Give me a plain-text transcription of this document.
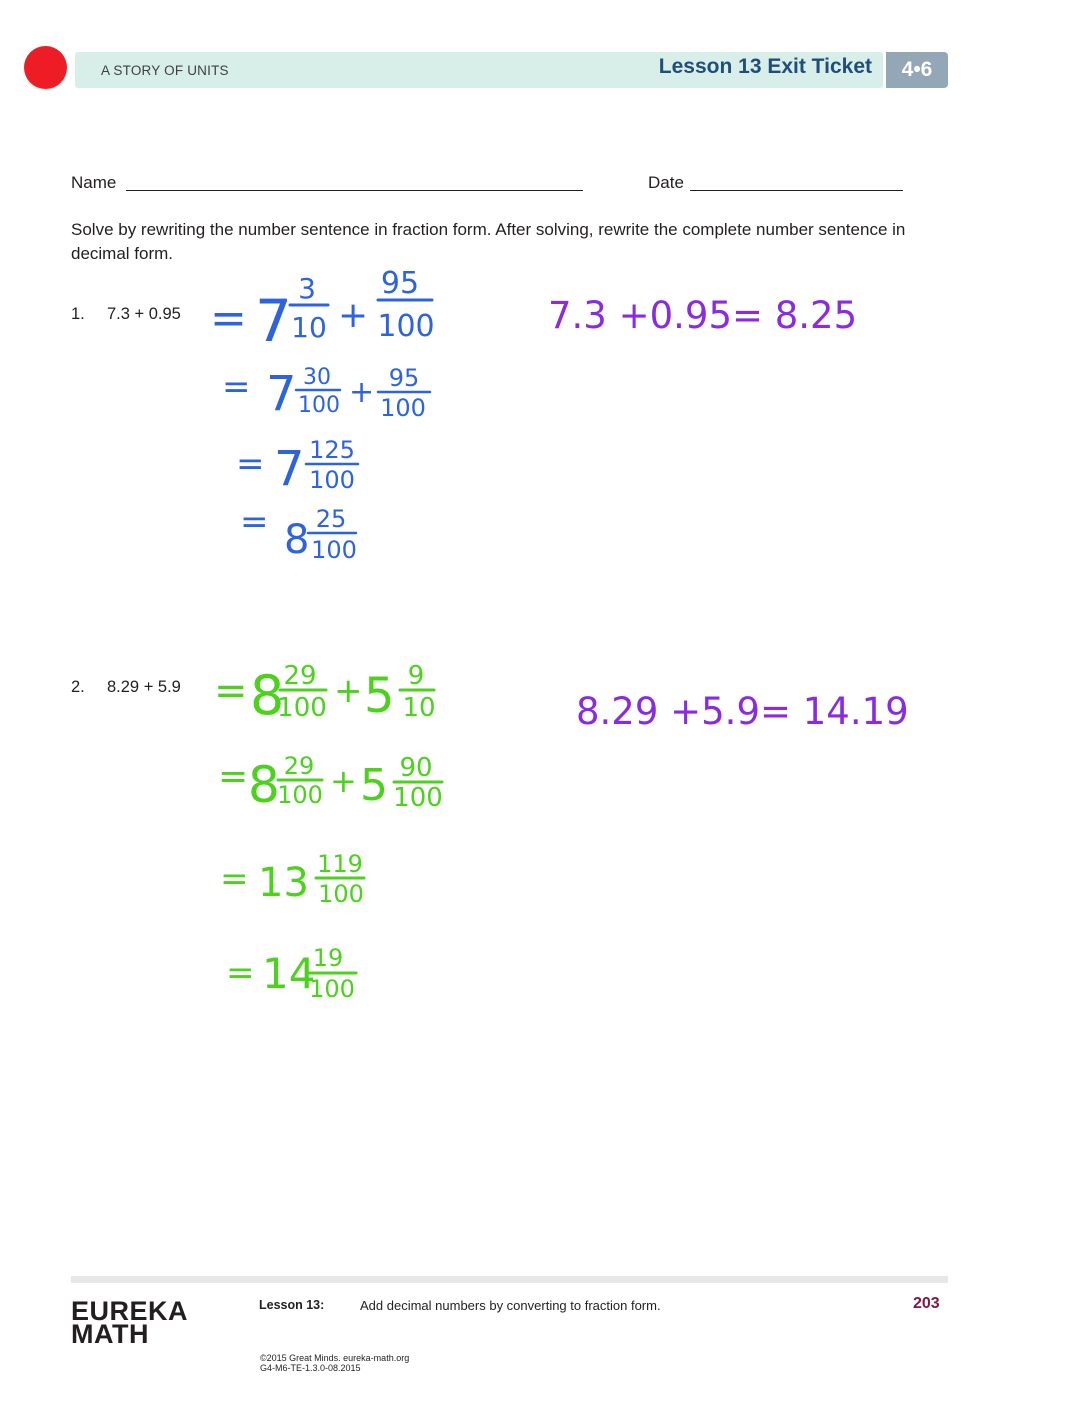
A STORY OF UNITS	Lesson 13 Exit Ticket	4•6
Name	Date
Solve by rewriting the number sentence in fraction form. After solving, rewrite the complete number sentence in decimal form.
1. 7.3 + 0.95
2. 8.29 + 5.9
= 7 3
10 +
95
100
= 7 30
100 + 95
100
= 7 125
100
= 8 25
100
7.3 +0.95= 8.25
= 8 29
100 + 5 9
10
= 8 29
100 + 5 90
100
= 13 119
100
= 14
19
100
8.29 +5.9= 14.19
EUREKA
MATH
Lesson 13:	Add decimal numbers by converting to fraction form.	203
©2015 Great Minds. eureka-math.org
G4-M6-TE-1.3.0-08.2015
